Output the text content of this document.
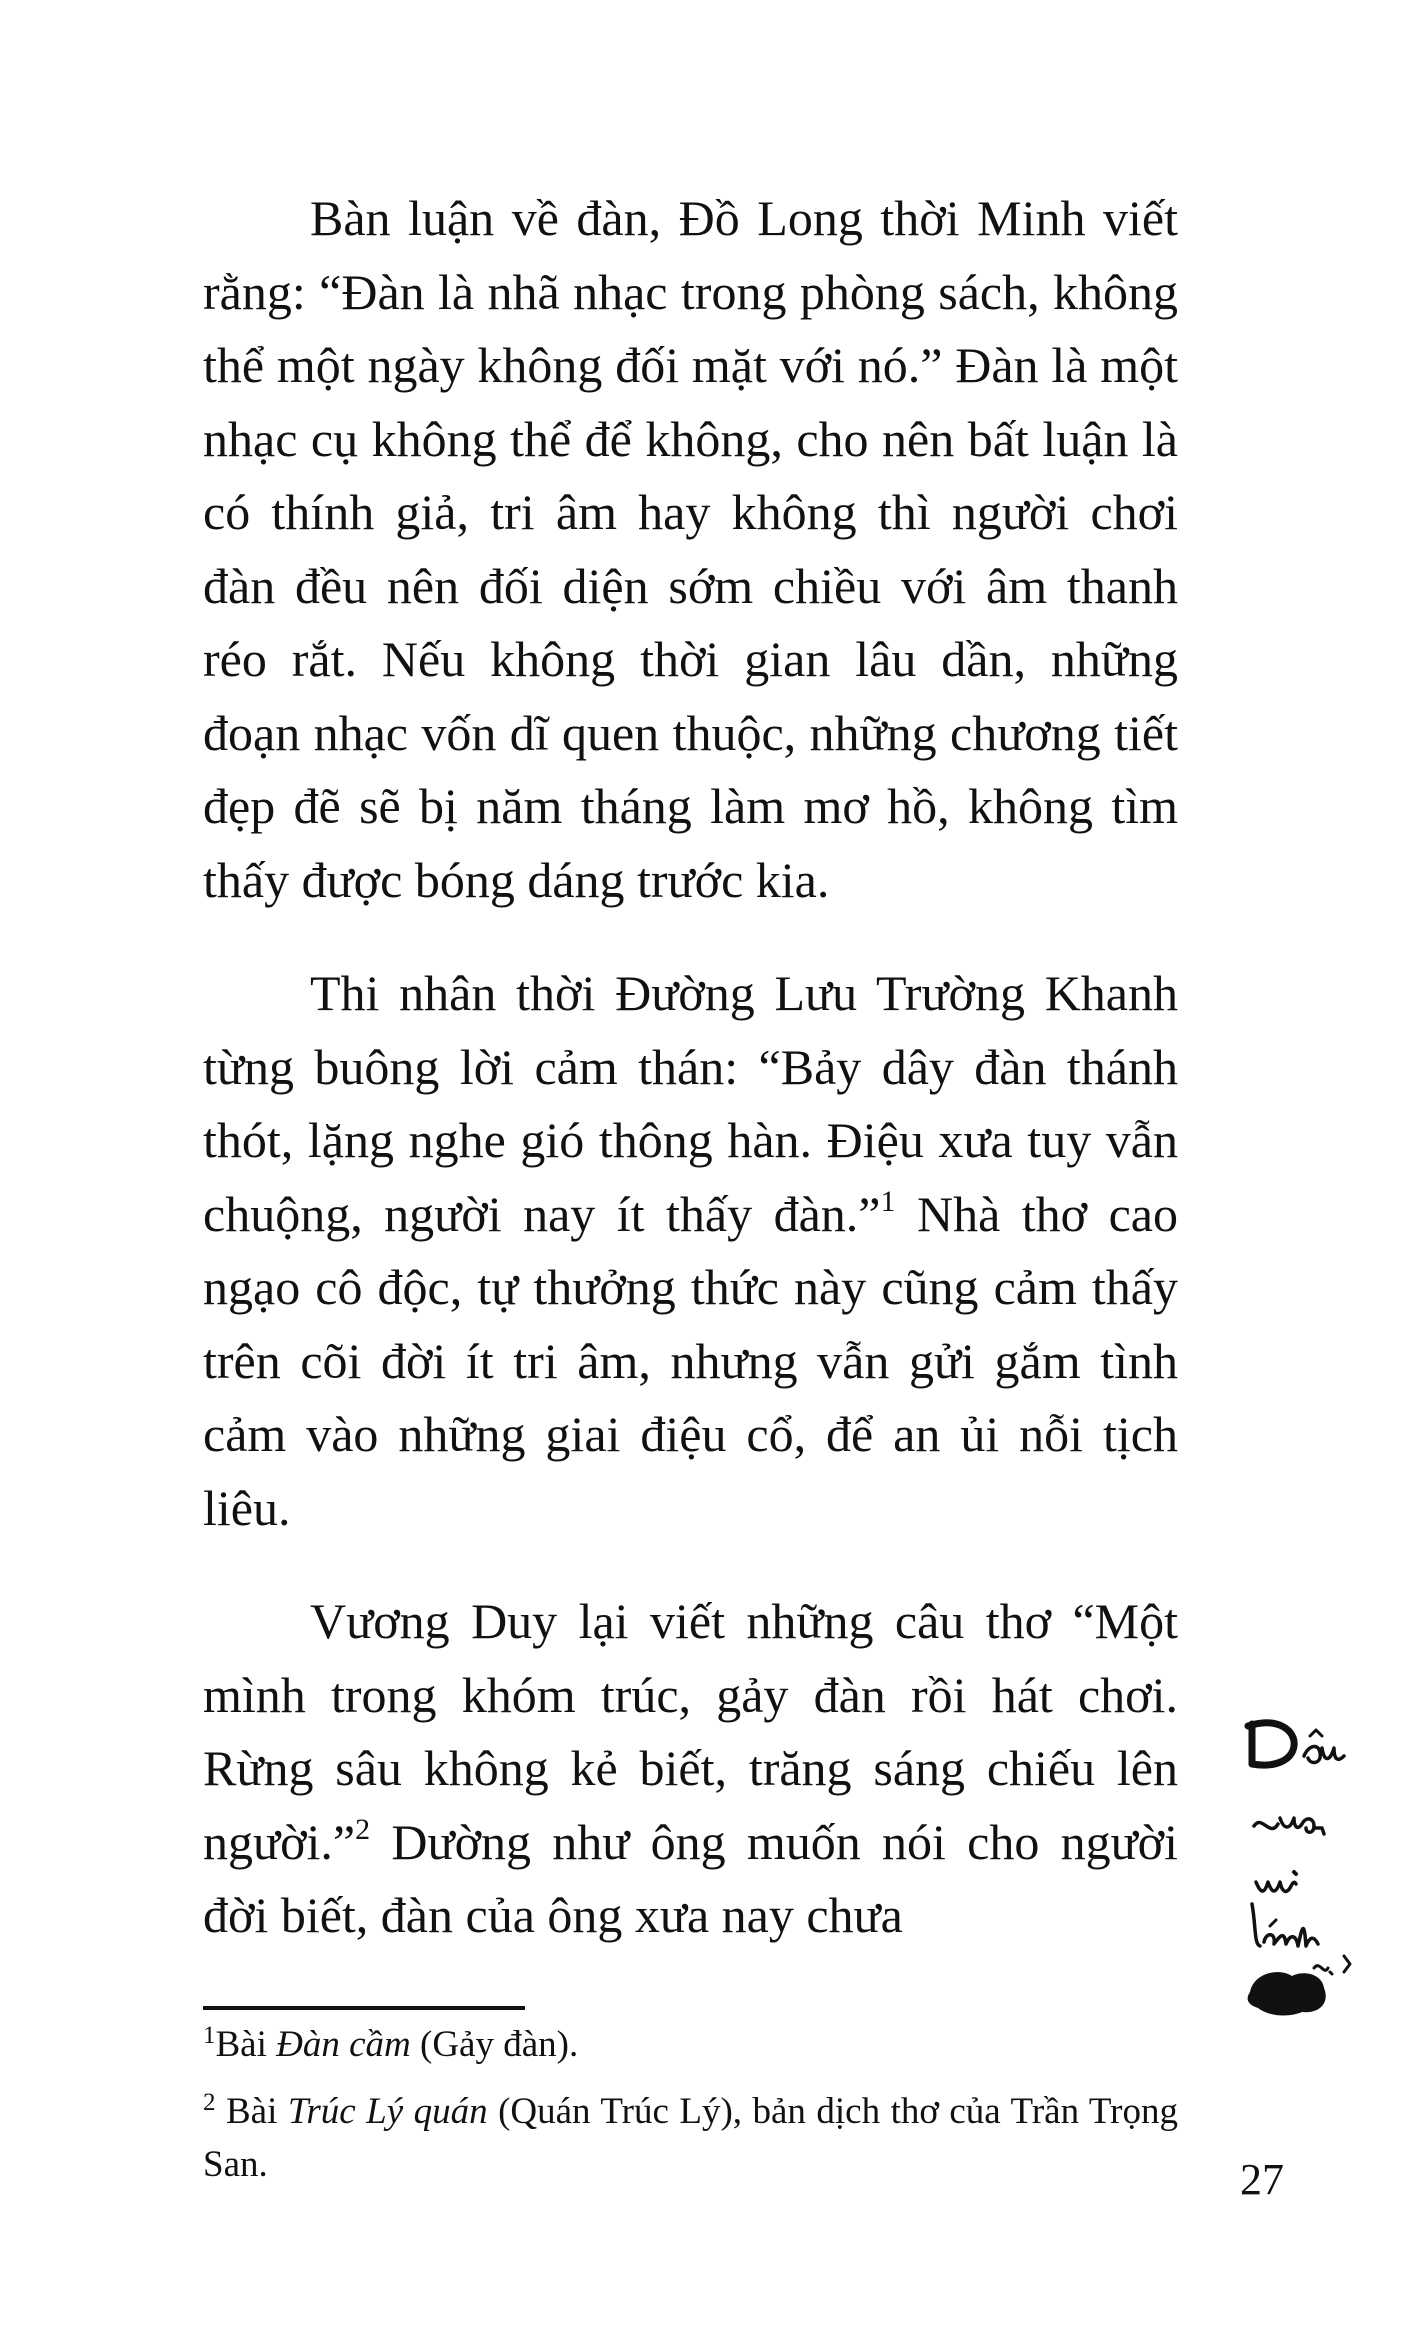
Bàn luận về đàn, Đồ Long thời Minh viết rằng: “Đàn là nhã nhạc trong phòng sách, không thể một ngày không đối mặt với nó.” Đàn là một nhạc cụ không thể để không, cho nên bất luận là có thính giả, tri âm hay không thì người chơi đàn đều nên đối diện sớm chiều với âm thanh réo rắt. Nếu không thời gian lâu dần, những đoạn nhạc vốn dĩ quen thuộc, những chương tiết đẹp đẽ sẽ bị năm tháng làm mơ hồ, không tìm thấy được bóng dáng trước kia.

Thi nhân thời Đường Lưu Trường Khanh từng buông lời cảm thán: “Bảy dây đàn thánh thót, lặng nghe gió thông hàn. Điệu xưa tuy vẫn chuộng, người nay ít thấy đàn.”$^1$ Nhà thơ cao ngạo cô độc, tự thưởng thức này cũng cảm thấy trên cõi đời ít tri âm, nhưng vẫn gửi gắm tình cảm vào những giai điệu cổ, để an ủi nỗi tịch liêu.

Vương Duy lại viết những câu thơ “Một mình trong khóm trúc, gảy đàn rồi hát chơi. Rừng sâu không kẻ biết, trăng sáng chiếu lên người.”$^2$ Dường như ông muốn nói cho người đời biết, đàn của ông xưa nay chưa

$^1$Bài Đàn cầm (Gảy đàn).

$^2$ Bài Trúc Lý quán (Quán Trúc Lý), bản dịch thơ của Trần Trọng San.	27
